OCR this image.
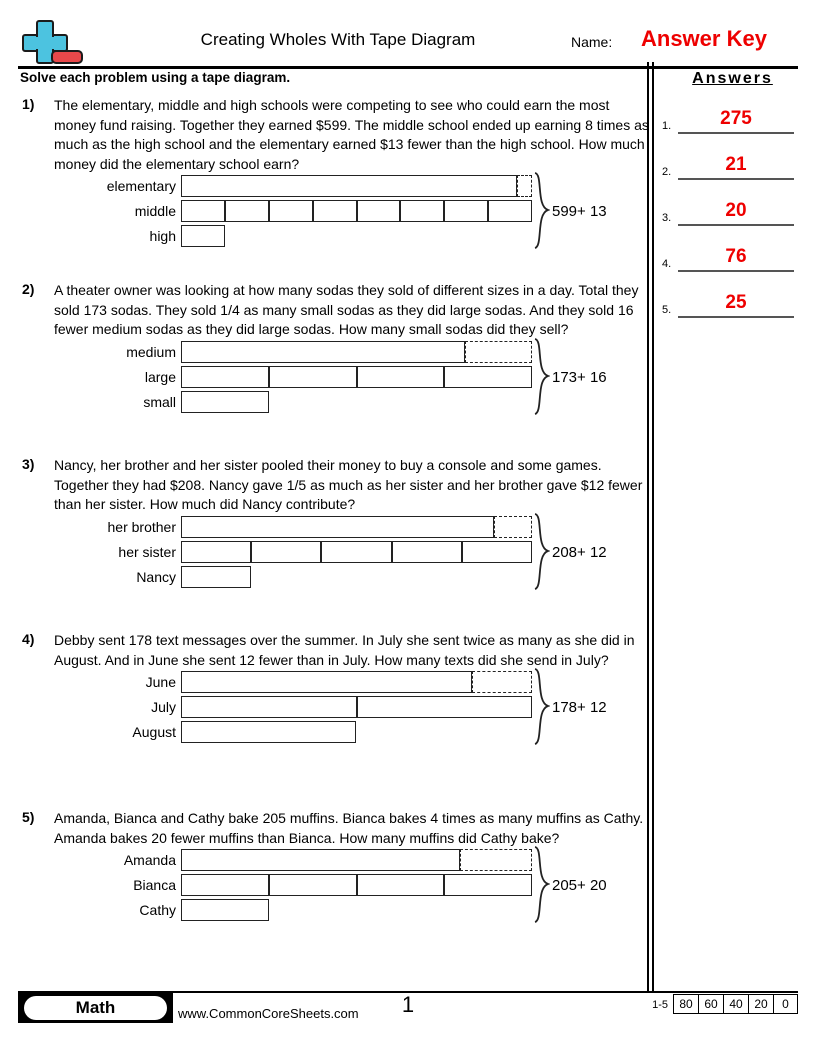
Creating Wholes With Tape Diagram	Name: Answer Key
Solve each problem using a tape diagram.	Answers
1.	275
2.	21
3.	20
4.	76
5.	25
1) The elementary, middle and high schools were competing to see who could earn the most money fund raising. Together they earned $599. The middle school ended up earning 8 times as much as the high school and the elementary earned $13 fewer than the high school. How much money did the elementary school earn?
elementary
middle
high
599+ 13
2) A theater owner was looking at how many sodas they sold of different sizes in a day. Total they sold 173 sodas. They sold 1/4 as many small sodas as they did large sodas. And they sold 16 fewer medium sodas as they did large sodas. How many small sodas did they sell?
medium
large
small
173+ 16
3) Nancy, her brother and her sister pooled their money to buy a console and some games. Together they had $208. Nancy gave 1/5 as much as her sister and her brother gave $12 fewer than her sister. How much did Nancy contribute?
her brother
her sister
Nancy
208+ 12
4) Debby sent 178 text messages over the summer. In July she sent twice as many as she did in August. And in June she sent 12 fewer than in July. How many texts did she send in July?
June
July
August
178+ 12
5) Amanda, Bianca and Cathy bake 205 muffins. Bianca bakes 4 times as many muffins as Cathy. Amanda bakes 20 fewer muffins than Bianca. How many muffins did Cathy bake?
Amanda
Bianca
Cathy
205+ 20
1
Math	www.CommonCoreSheets.com
1-5 80 60 40 20	0
